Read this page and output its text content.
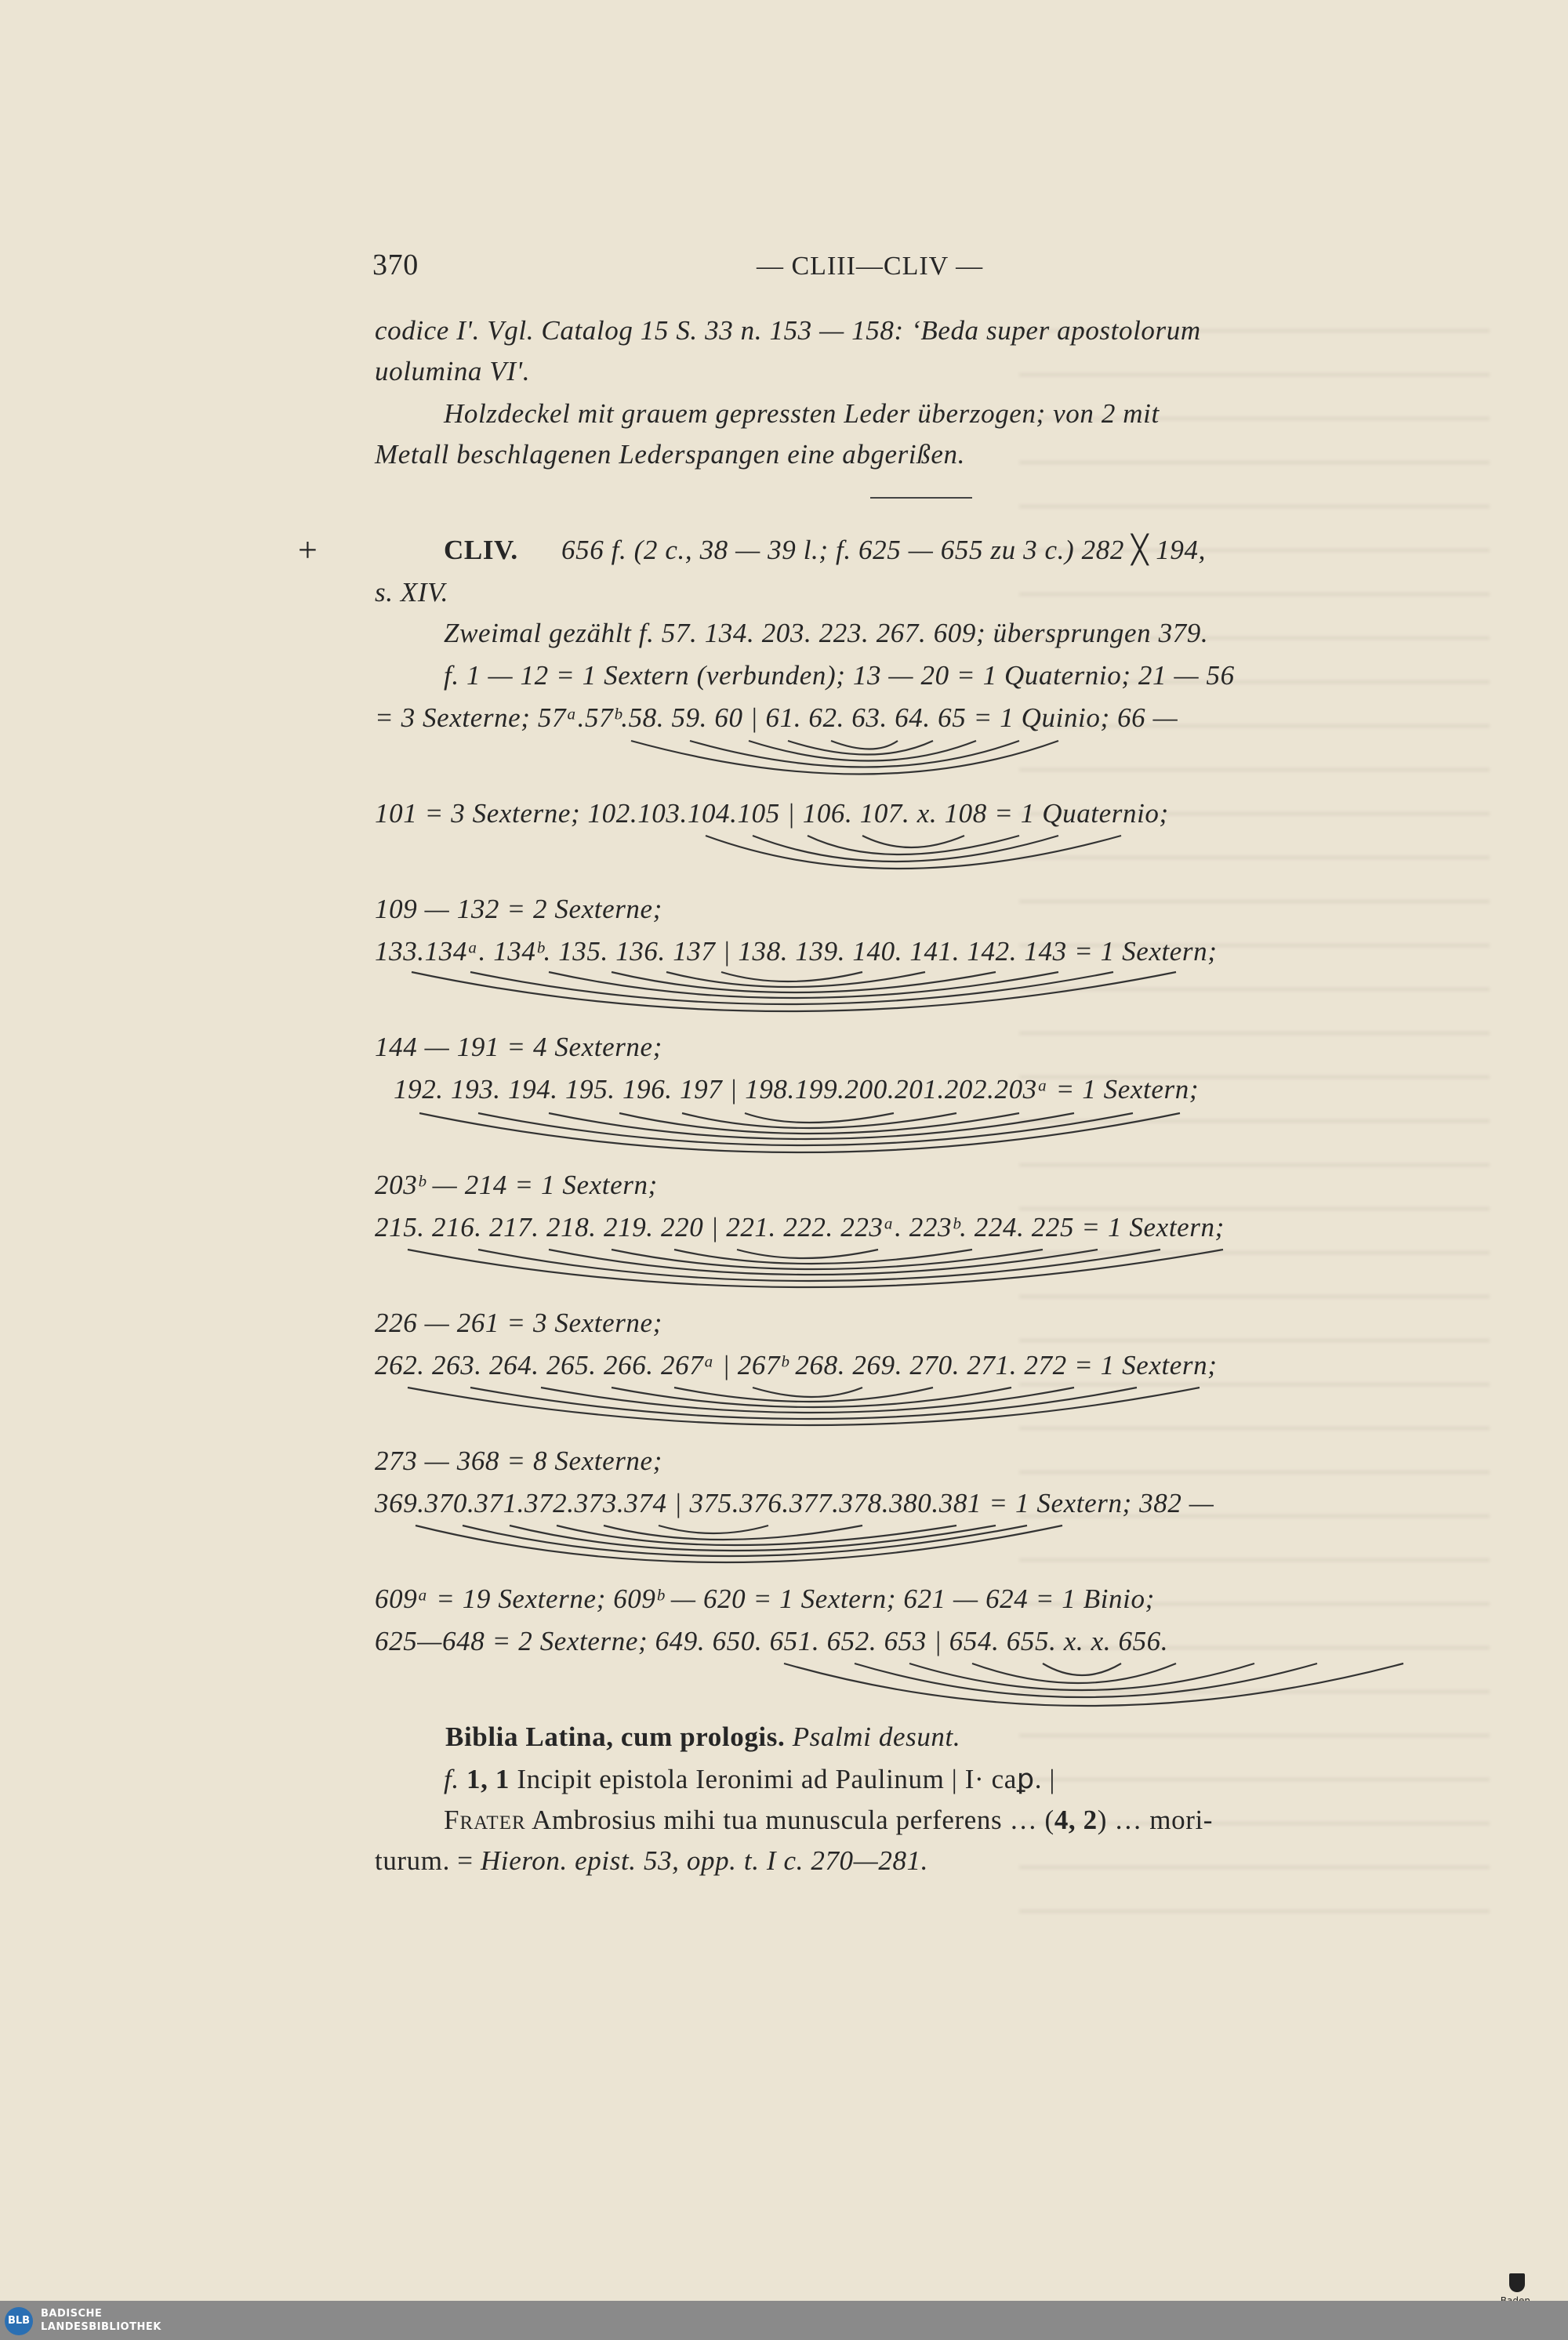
370	— CLIII—CLIV —
codice I'. Vgl. Catalog 15 S. 33 n. 153 — 158: ‘Beda super apostolorum
uolumina VI'.
Holzdeckel mit grauem gepressten Leder überzogen; von 2 mit
Metall beschlagenen Lederspangen eine abgerißen.
+	CLIV. 656 f. (2 c., 38 — 39 l.; f. 625 — 655 zu 3 c.) 282 ╳ 194,
s. XIV.
Zweimal gezählt f. 57. 134. 203. 223. 267. 609; übersprungen 379.
f. 1 — 12 = 1 Sextern (verbunden); 13 — 20 = 1 Quaternio; 21 — 56
= 3 Sexterne; 57ᵃ.57ᵇ.58. 59. 60 | 61. 62. 63. 64. 65 = 1 Quinio; 66 —
101 = 3 Sexterne; 102.103.104.105 | 106. 107. x. 108 = 1 Quaternio;
109 — 132 = 2 Sexterne;
133.134ᵃ. 134ᵇ. 135. 136. 137 | 138. 139. 140. 141. 142. 143 = 1 Sextern;
144 — 191 = 4 Sexterne;
192. 193. 194. 195. 196. 197 | 198.199.200.201.202.203ᵃ = 1 Sextern;
203ᵇ — 214 = 1 Sextern;
215. 216. 217. 218. 219. 220 | 221. 222. 223ᵃ. 223ᵇ. 224. 225 = 1 Sextern;
226 — 261 = 3 Sexterne;
262. 263. 264. 265. 266. 267ᵃ | 267ᵇ 268. 269. 270. 271. 272 = 1 Sextern;
273 — 368 = 8 Sexterne;
369.370.371.372.373.374 | 375.376.377.378.380.381 = 1 Sextern; 382 —
609ᵃ = 19 Sexterne; 609ᵇ — 620 = 1 Sextern; 621 — 624 = 1 Binio;
625—648 = 2 Sexterne; 649. 650. 651. 652. 653 | 654. 655. x. x. 656.
Biblia Latina, cum prologis. Psalmi desunt.
f. 1, 1 Incipit epistola Ieronimi ad Paulinum | I· caꝑ. |
Frater Ambrosius mihi tua munuscula perferens … (4, 2) … mori-
turum. = Hieron. epist. 53, opp. t. I c. 270—281.
BLB
BADISCHE
LANDESBIBLIOTHEK
